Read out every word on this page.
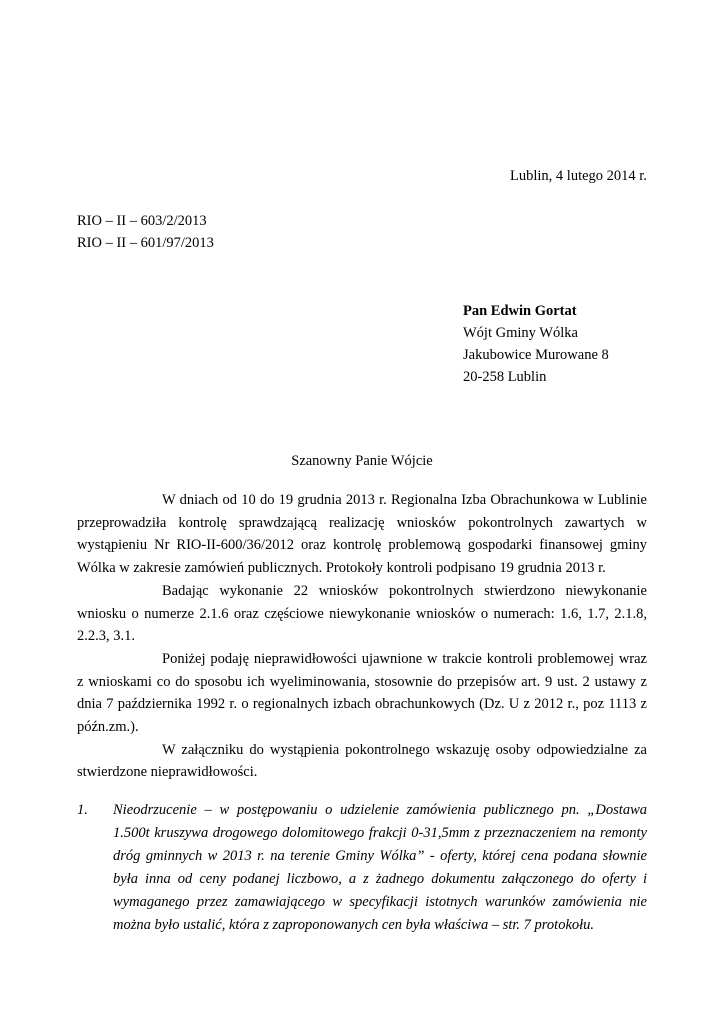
Lublin, 4 lutego 2014 r.

RIO – II – 603/2/2013
RIO – II – 601/97/2013
Pan Edwin Gortat
Wójt Gminy Wólka
Jakubowice Murowane 8
20-258 Lublin

Szanowny Panie Wójcie

W dniach od 10 do 19 grudnia 2013 r. Regionalna Izba Obrachunkowa w Lublinie przeprowadziła kontrolę sprawdzającą realizację wniosków pokontrolnych zawartych w wystąpieniu Nr RIO-II-600/36/2012 oraz kontrolę problemową gospodarki finansowej gminy Wólka w zakresie zamówień publicznych. Protokoły kontroli podpisano 19 grudnia 2013 r.

Badając wykonanie 22 wniosków pokontrolnych stwierdzono niewykonanie wniosku o numerze 2.1.6 oraz częściowe niewykonanie wniosków o numerach: 1.6, 1.7, 2.1.8, 2.2.3, 3.1.

Poniżej podaję nieprawidłowości ujawnione w trakcie kontroli problemowej wraz z wnioskami co do sposobu ich wyeliminowania, stosownie do przepisów art. 9 ust. 2 ustawy z dnia 7 października 1992 r. o regionalnych izbach obrachunkowych (Dz. U z 2012 r., poz 1113 z późn.zm.).

W załączniku do wystąpienia pokontrolnego wskazuję osoby odpowiedzialne za stwierdzone nieprawidłowości.

1.	Nieodrzucenie – w postępowaniu o udzielenie zamówienia publicznego pn. „Dostawa 1.500t kruszywa drogowego dolomitowego frakcji 0-31,5mm z przeznaczeniem na remonty dróg gminnych w 2013 r. na terenie Gminy Wólka” - oferty, której cena podana słownie była inna od ceny podanej liczbowo, a z żadnego dokumentu załączonego do oferty i wymaganego przez zamawiającego w specyfikacji istotnych warunków zamówienia nie można było ustalić, która z zaproponowanych cen była właściwa – str. 7 protokołu.
